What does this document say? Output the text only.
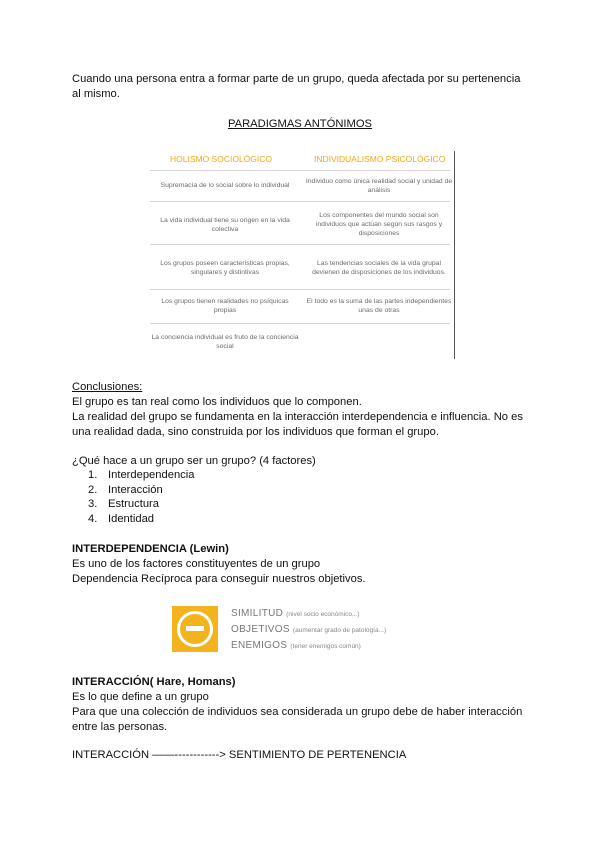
Cuando una persona entra a formar parte de un grupo, queda afectada por su pertenencia
al mismo.
PARADIGMAS ANTÓNIMOS
HOLISMO SOCIOLÓGICO	INDIVIDUALISMO PSICOLÓGICO
Supremacía de lo social sobre lo individual
Individuo como única realidad social y unidad de análisis
La vida individual tiene su origen en la vida colectiva
Los componentes del mundo social son individuos que actúan según sus rasgos y disposiciones
Los grupos poseen características propias, singulares y distintivas
Las tendencias sociales de la vida grupal devienen de disposiciones de los individuos.
Los grupos tienen realidades no psíquicas propias
El todo es la suma de las partes independientes unas de otras
La conciencia individual es fruto de la conciencia social
Conclusiones:
El grupo es tan real como los individuos que lo componen.
La realidad del grupo se fundamenta en la interacción interdependencia e influencia. No es
una realidad dada, sino construida por los individuos que forman el grupo.
¿Qué hace a un grupo ser un grupo? (4 factores)
1. Interdependencia
2. Interacción
3. Estructura
4. Identidad
INTERDEPENDENCIA (Lewin)
Es uno de los factores constituyentes de un grupo
Dependencia Recíproca para conseguir nuestros objetivos.
SIMILITUD (nivel socio económico...)
OBJETIVOS (aumentar grado de patología...)
ENEMIGOS (tener enemigos común)
INTERACCIÓN( Hare, Homans)
Es lo que define a un grupo
Para que una colección de individuos sea considerada un grupo debe de haber interacción
entre las personas.
INTERACCIÓN ——------------> SENTIMIENTO DE PERTENENCIA
